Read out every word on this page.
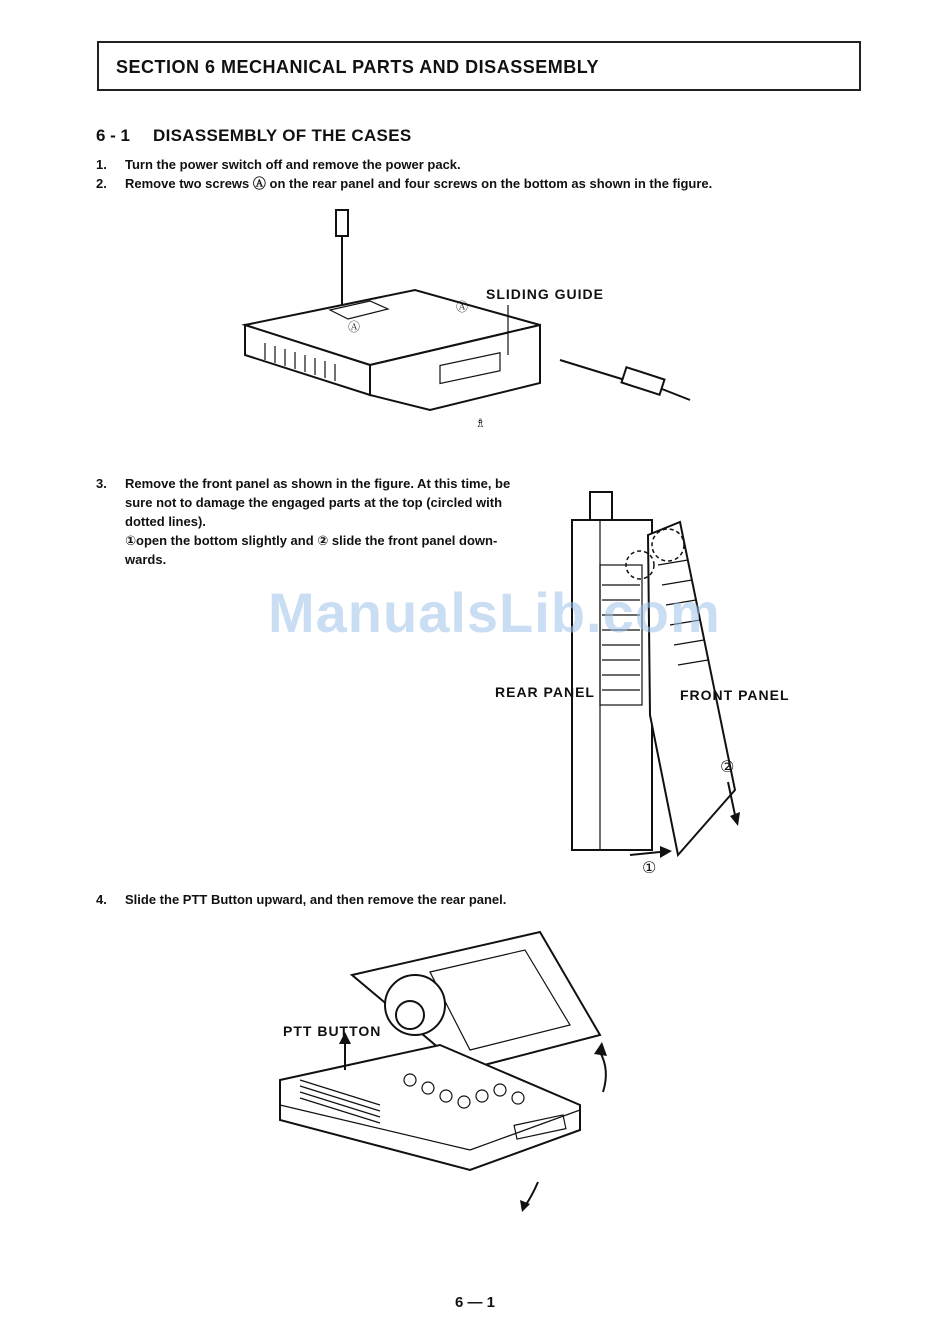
SECTION 6 MECHANICAL PARTS AND DISASSEMBLY
6 - 1 DISASSEMBLY OF THE CASES
1. Turn the power switch off and remove the power pack.
2. Remove two screws Ⓐ on the rear panel and four screws on the bottom as shown in the figure.
♗
SLIDING GUIDE
Ⓐ
Ⓐ
3. Remove the front panel as shown in the figure. At this time, be
sure not to damage the engaged parts at the top (circled with
dotted lines).
①open the bottom slightly and ② slide the front panel down-
wards.
REAR PANEL	FRONT PANEL
②
①
ManualsLib.com
4. Slide the PTT Button upward, and then remove the rear panel.
PTT BUTTON
6 — 1
